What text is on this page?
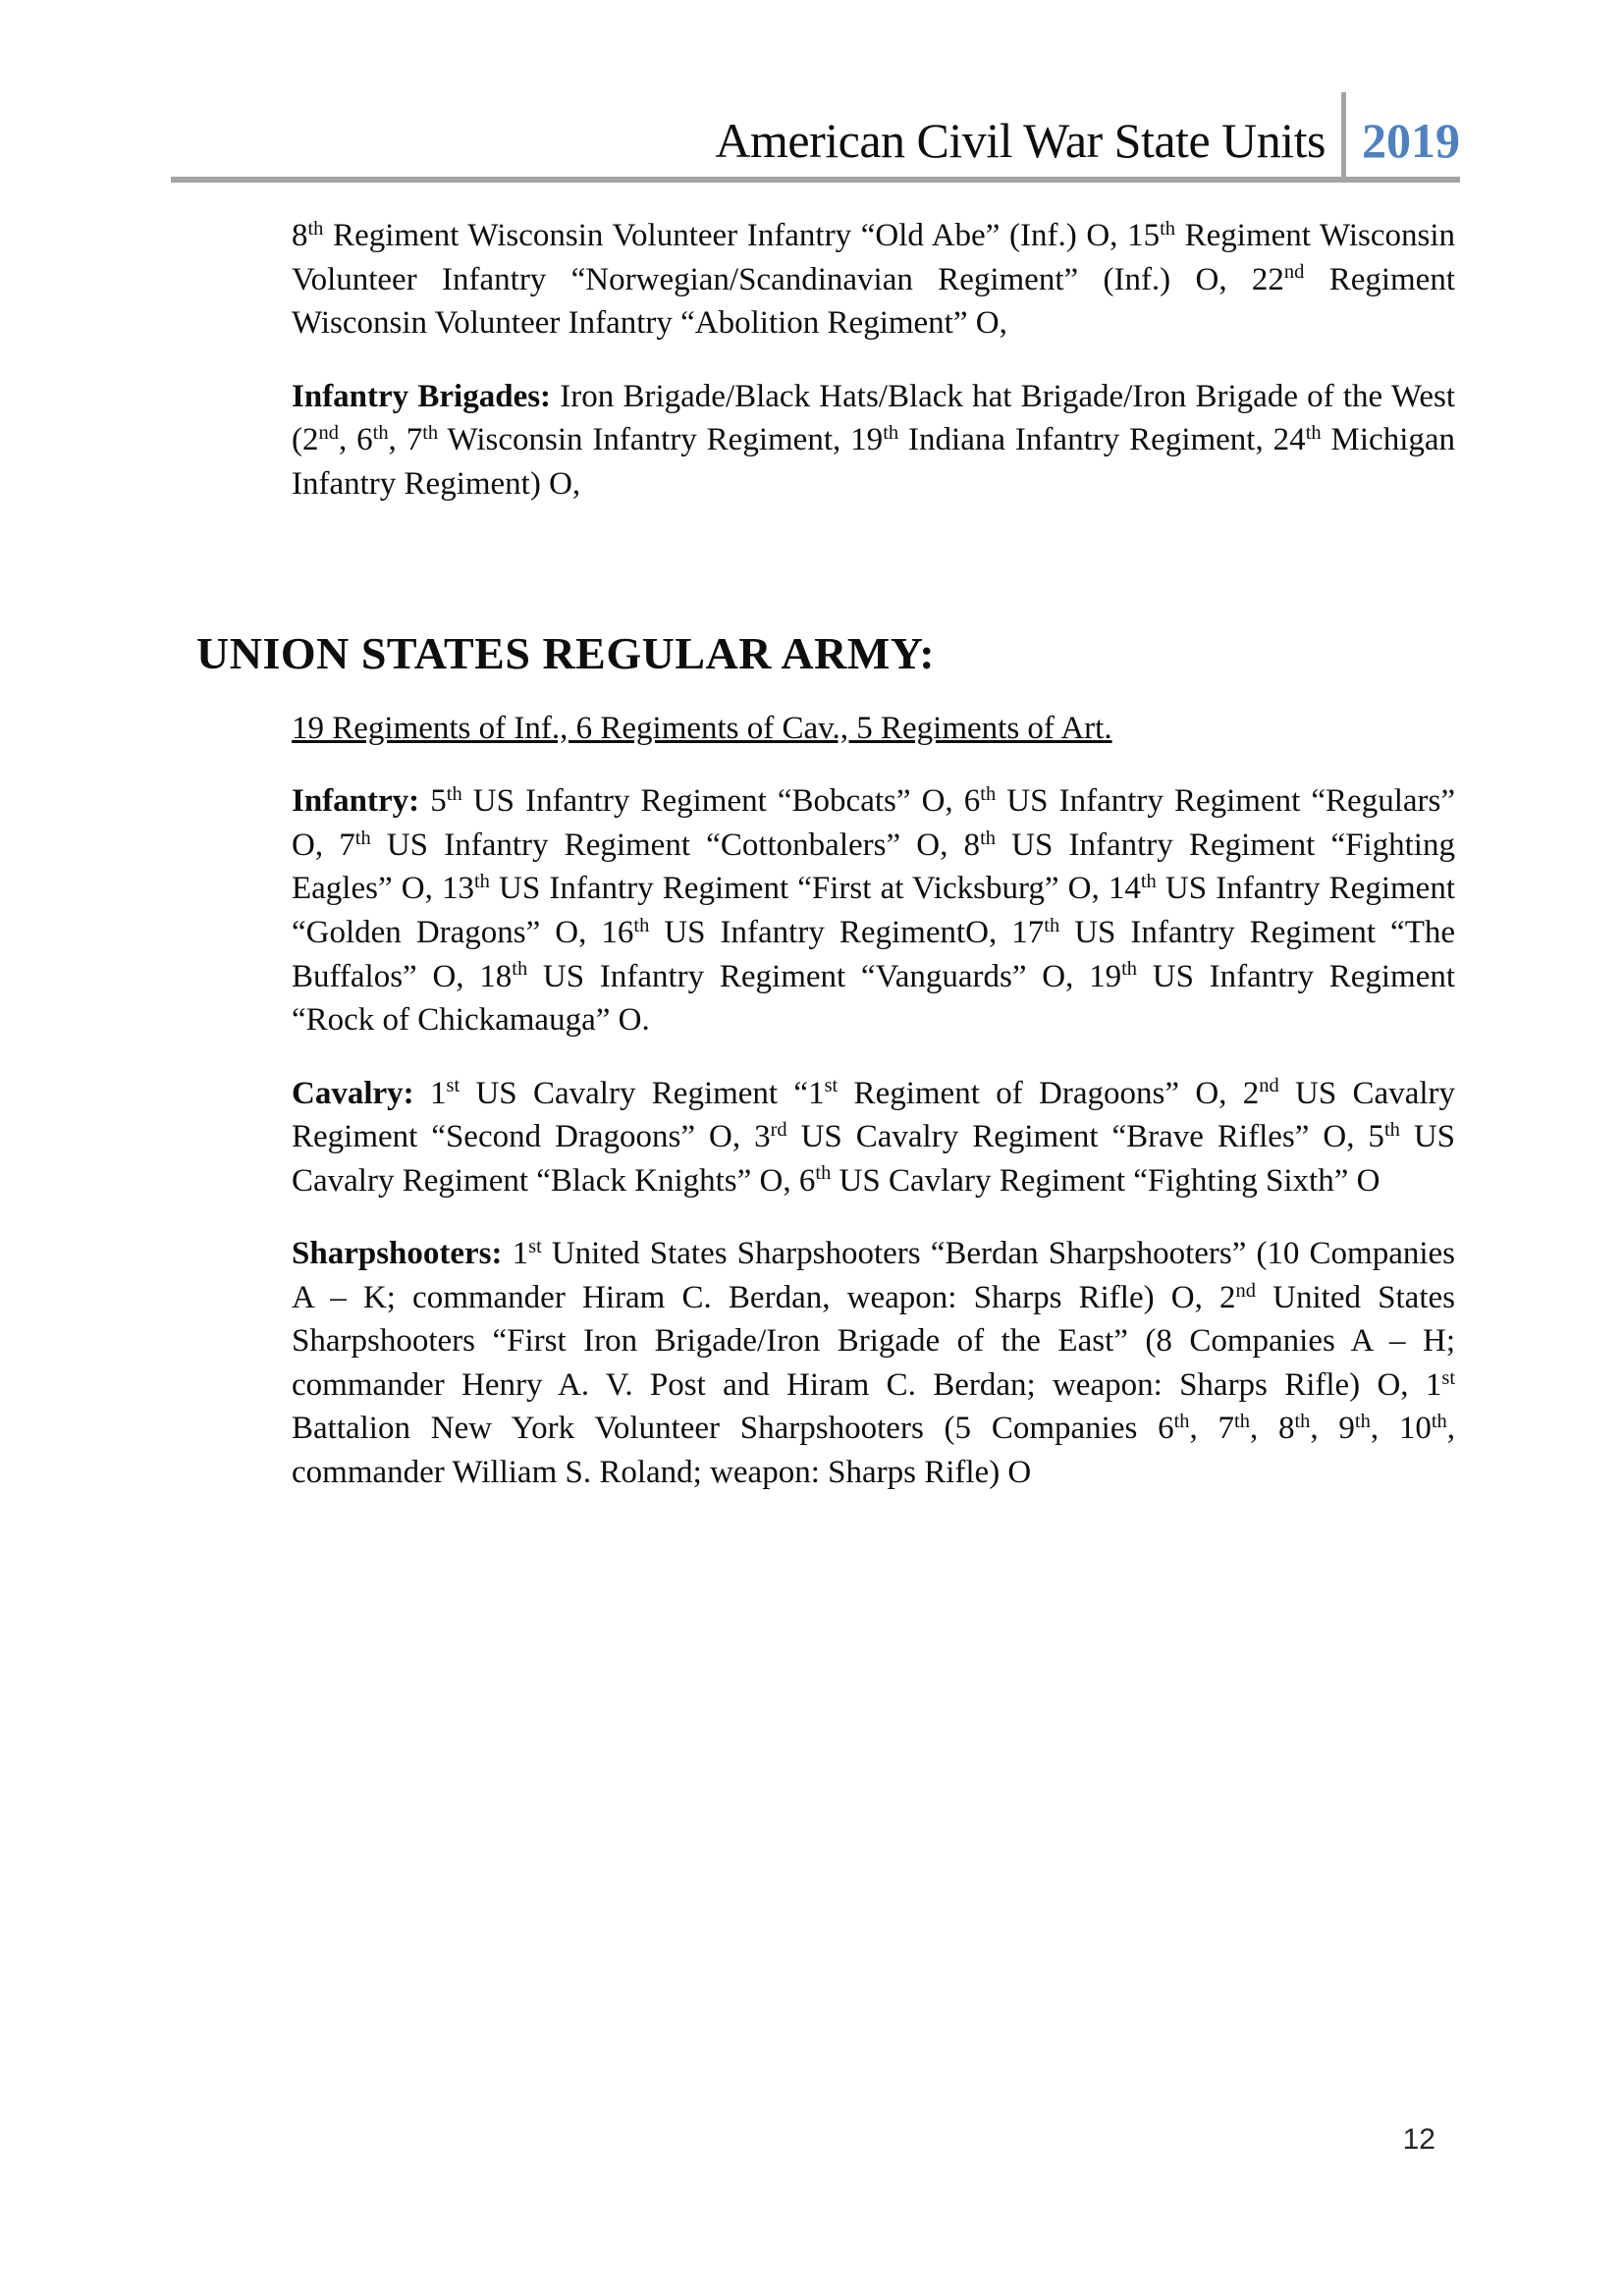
American Civil War State Units 2019

8th Regiment Wisconsin Volunteer Infantry “Old Abe” (Inf.) O, 15th Regiment Wisconsin Volunteer Infantry “Norwegian/Scandinavian Regiment” (Inf.) O, 22nd Regiment Wisconsin Volunteer Infantry “Abolition Regiment” O,

Infantry Brigades: Iron Brigade/Black Hats/Black hat Brigade/Iron Brigade of the West (2nd, 6th, 7th Wisconsin Infantry Regiment, 19th Indiana Infantry Regiment, 24th Michigan Infantry Regiment) O,

UNION STATES REGULAR ARMY:

19 Regiments of Inf., 6 Regiments of Cav., 5 Regiments of Art.

Infantry: 5th US Infantry Regiment “Bobcats” O, 6th US Infantry Regiment “Regulars” O, 7th US Infantry Regiment “Cottonbalers” O, 8th US Infantry Regiment “Fighting Eagles” O, 13th US Infantry Regiment “First at Vicksburg” O, 14th US Infantry Regiment “Golden Dragons” O, 16th US Infantry RegimentO, 17th US Infantry Regiment “The Buffalos” O, 18th US Infantry Regiment “Vanguards” O, 19th US Infantry Regiment “Rock of Chickamauga” O.

Cavalry: 1st US Cavalry Regiment “1st Regiment of Dragoons” O, 2nd US Cavalry Regiment “Second Dragoons” O, 3rd US Cavalry Regiment “Brave Rifles” O, 5th US Cavalry Regiment “Black Knights” O, 6th US Cavlary Regiment “Fighting Sixth” O

Sharpshooters: 1st United States Sharpshooters “Berdan Sharpshooters” (10 Companies A – K; commander Hiram C. Berdan, weapon: Sharps Rifle) O, 2nd United States Sharpshooters “First Iron Brigade/Iron Brigade of the East” (8 Companies A – H; commander Henry A. V. Post and Hiram C. Berdan; weapon: Sharps Rifle) O, 1st Battalion New York Volunteer Sharpshooters (5 Companies 6th, 7th, 8th, 9th, 10th, commander William S. Roland; weapon: Sharps Rifle) O

12
